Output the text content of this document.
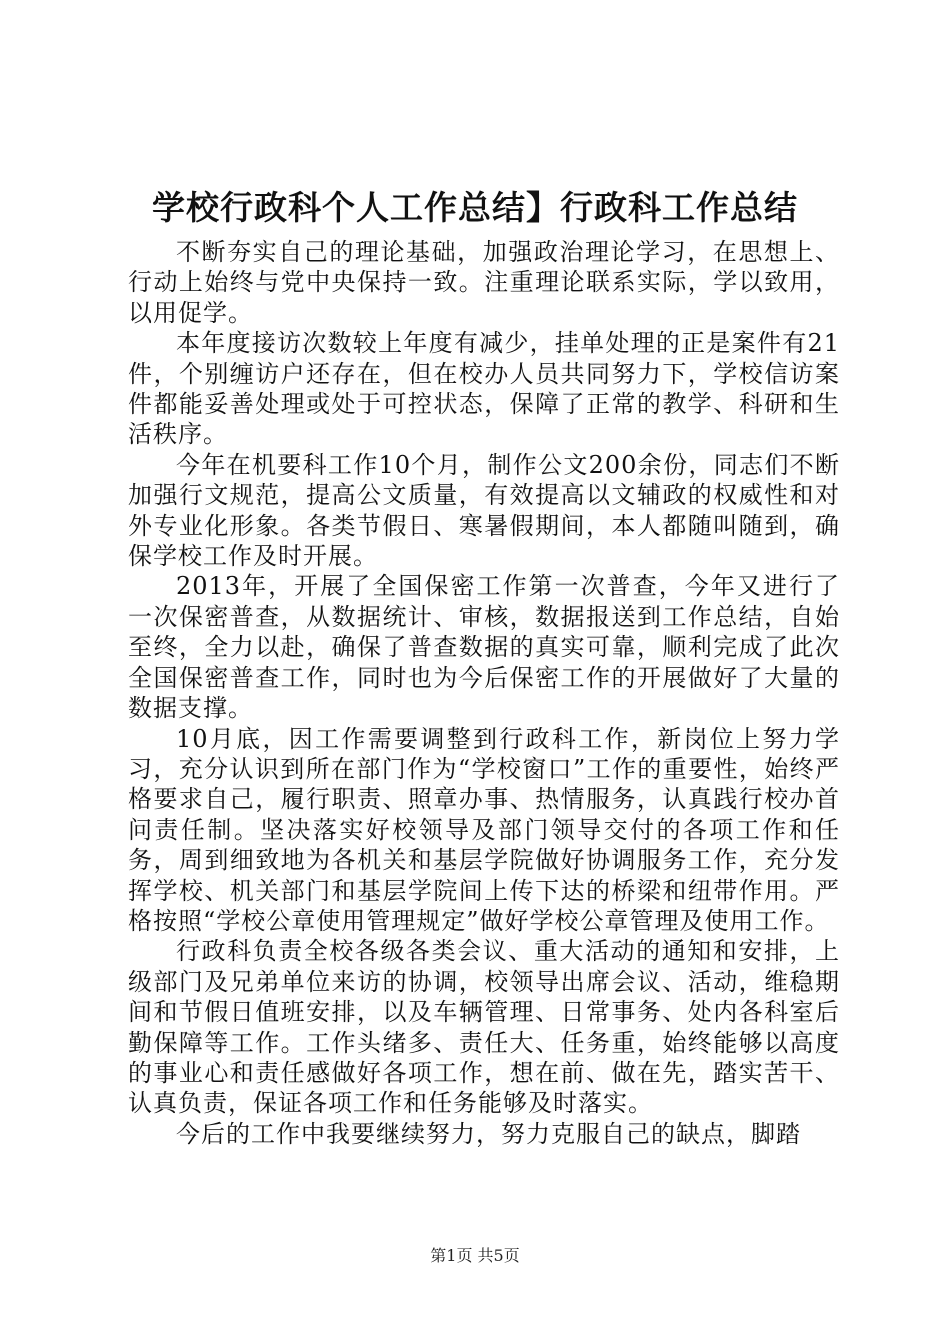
学校行政科个人工作总结】行政科工作总结

不断夯实自己的理论基础，加强政治理论学习，在思想上、行动上始终与党中央保持一致。注重理论联系实际，学以致用，以用促学。

本年度接访次数较上年度有减少，挂单处理的正是案件有21件，个别缠访户还存在，但在校办人员共同努力下，学校信访案件都能妥善处理或处于可控状态，保障了正常的教学、科研和生活秩序。

今年在机要科工作10个月，制作公文200余份，同志们不断加强行文规范，提高公文质量，有效提高以文辅政的权威性和对外专业化形象。各类节假日、寒暑假期间，本人都随叫随到，确保学校工作及时开展。

2013年，开展了全国保密工作第一次普查，今年又进行了一次保密普查，从数据统计、审核，数据报送到工作总结，自始至终，全力以赴，确保了普查数据的真实可靠，顺利完成了此次全国保密普查工作，同时也为今后保密工作的开展做好了大量的数据支撑。

10月底，因工作需要调整到行政科工作，新岗位上努力学习，充分认识到所在部门作为“学校窗口”工作的重要性，始终严格要求自己，履行职责、照章办事、热情服务，认真践行校办首问责任制。坚决落实好校领导及部门领导交付的各项工作和任务，周到细致地为各机关和基层学院做好协调服务工作，充分发挥学校、机关部门和基层学院间上传下达的桥梁和纽带作用。严格按照“学校公章使用管理规定”做好学校公章管理及使用工作。

行政科负责全校各级各类会议、重大活动的通知和安排，上级部门及兄弟单位来访的协调，校领导出席会议、活动，维稳期间和节假日值班安排，以及车辆管理、日常事务、处内各科室后勤保障等工作。工作头绪多、责任大、任务重，始终能够以高度的事业心和责任感做好各项工作，想在前、做在先，踏实苦干、认真负责，保证各项工作和任务能够及时落实。

今后的工作中我要继续努力，努力克服自己的缺点，脚踏

第1页 共5页
